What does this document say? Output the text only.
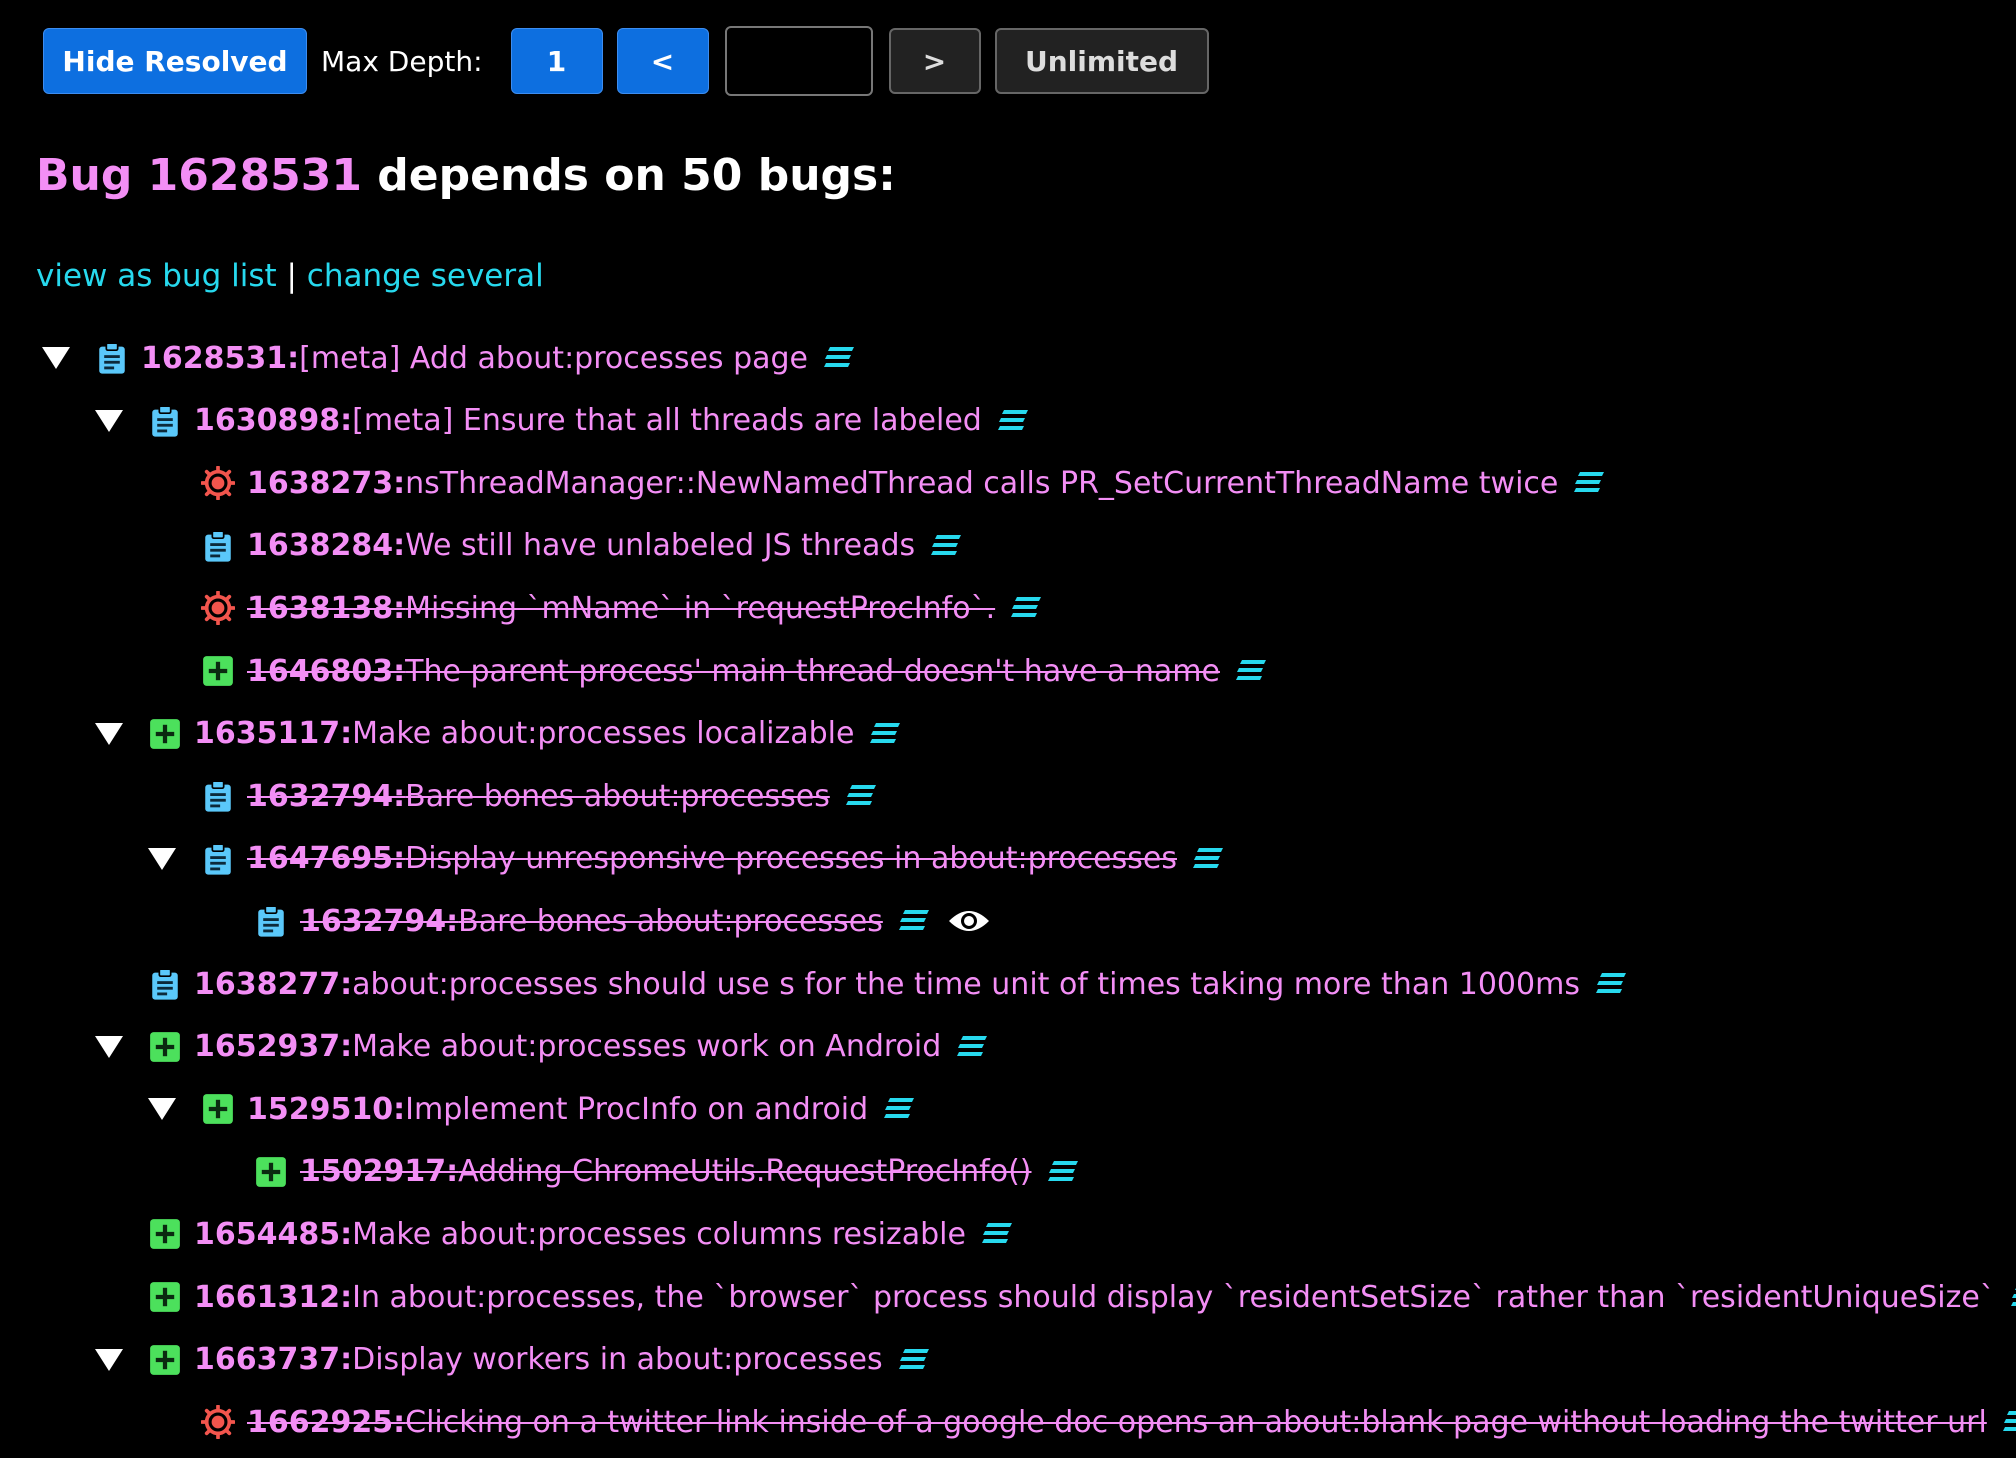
Hide Resolved	Max Depth:	1	<	>	Unlimited
Bug 1628531 depends on 50 bugs:
view as bug list | change several
1628531: [meta] Add about:processes page
1630898: [meta] Ensure that all threads are labeled
1638273: nsThreadManager::NewNamedThread calls PR_SetCurrentThreadName twice
1638284: We still have unlabeled JS threads
1638138: Missing `mName` in `requestProcInfo`.
1646803: The parent process' main thread doesn't have a name
1635117: Make about:processes localizable
1632794: Bare bones about:processes
1647695: Display unresponsive processes in about:processes
1632794: Bare bones about:processes
1638277: about:processes should use s for the time unit of times taking more than 1000ms
1652937: Make about:processes work on Android
1529510: Implement ProcInfo on android
1502917: Adding ChromeUtils.RequestProcInfo()
1654485: Make about:processes columns resizable
1661312: In about:processes, the `browser` process should display `residentSetSize` rather than `residentUniqueSize`
1663737: Display workers in about:processes
1662925: Clicking on a twitter link inside of a google doc opens an about:blank page without loading the twitter url
